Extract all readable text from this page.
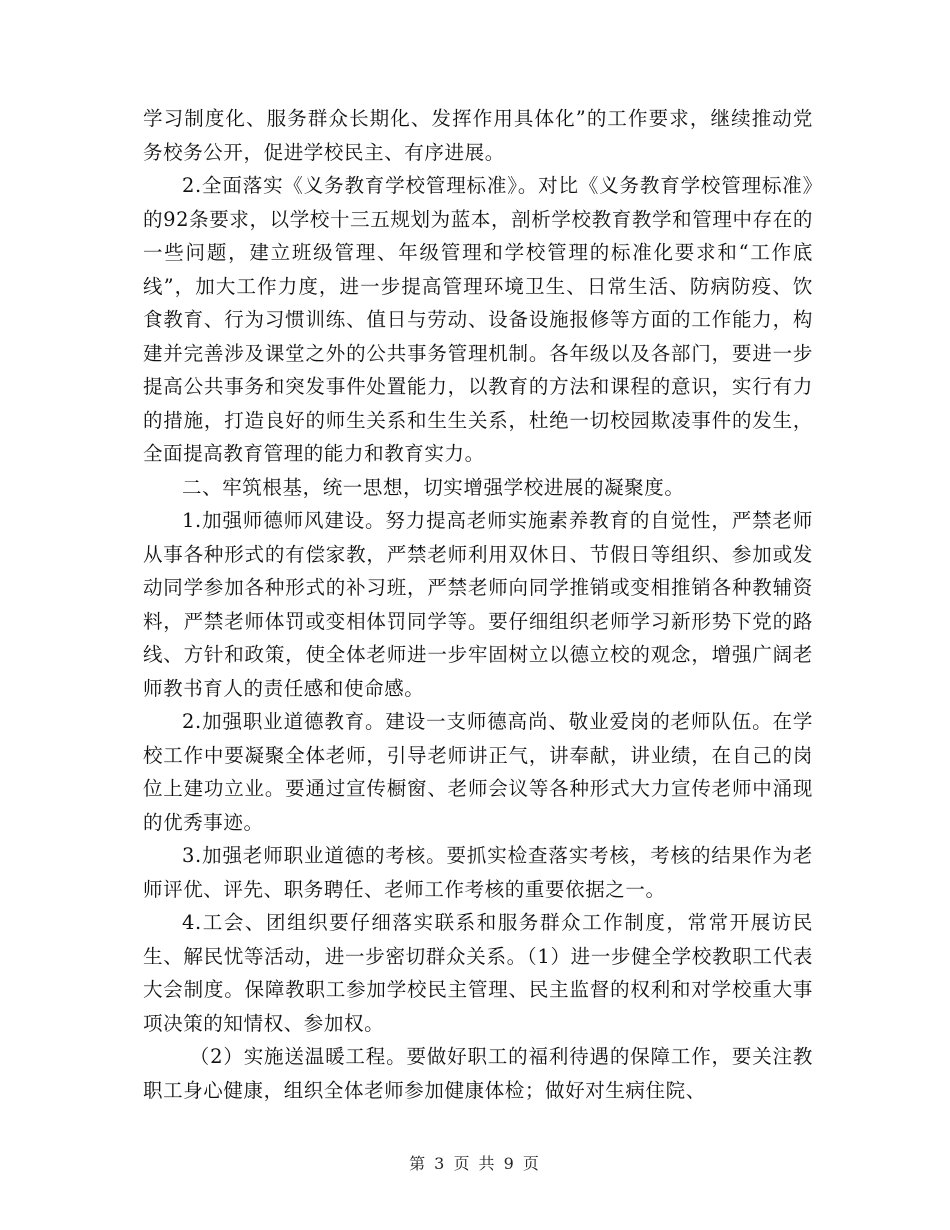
学习制度化、服务群众长期化、发挥作用具体化”的工作要求，继续推动党务校务公开，促进学校民主、有序进展。

2.全面落实《义务教育学校管理标准》。对比《义务教育学校管理标准》的92条要求，以学校十三五规划为蓝本，剖析学校教育教学和管理中存在的一些问题，建立班级管理、年级管理和学校管理的标准化要求和“工作底线”，加大工作力度，进一步提高管理环境卫生、日常生活、防病防疫、饮食教育、行为习惯训练、值日与劳动、设备设施报修等方面的工作能力，构建并完善涉及课堂之外的公共事务管理机制。各年级以及各部门，要进一步提高公共事务和突发事件处置能力，以教育的方法和课程的意识，实行有力的措施，打造良好的师生关系和生生关系，杜绝一切校园欺凌事件的发生，全面提高教育管理的能力和教育实力。

二、牢筑根基，统一思想，切实增强学校进展的凝聚度。

1.加强师德师风建设。努力提高老师实施素养教育的自觉性，严禁老师从事各种形式的有偿家教，严禁老师利用双休日、节假日等组织、参加或发动同学参加各种形式的补习班，严禁老师向同学推销或变相推销各种教辅资料，严禁老师体罚或变相体罚同学等。要仔细组织老师学习新形势下党的路线、方针和政策，使全体老师进一步牢固树立以德立校的观念，增强广阔老师教书育人的责任感和使命感。

2.加强职业道德教育。建设一支师德高尚、敬业爱岗的老师队伍。在学校工作中要凝聚全体老师，引导老师讲正气，讲奉献，讲业绩，在自己的岗位上建功立业。要通过宣传橱窗、老师会议等各种形式大力宣传老师中涌现的优秀事迹。

3.加强老师职业道德的考核。要抓实检查落实考核，考核的结果作为老师评优、评先、职务聘任、老师工作考核的重要依据之一。

4.工会、团组织要仔细落实联系和服务群众工作制度，常常开展访民生、解民忧等活动，进一步密切群众关系。（1）进一步健全学校教职工代表大会制度。保障教职工参加学校民主管理、民主监督的权利和对学校重大事项决策的知情权、参加权。

（2）实施送温暖工程。要做好职工的福利待遇的保障工作，要关注教职工身心健康，组织全体老师参加健康体检；做好对生病住院、

第 3 页 共 9 页
